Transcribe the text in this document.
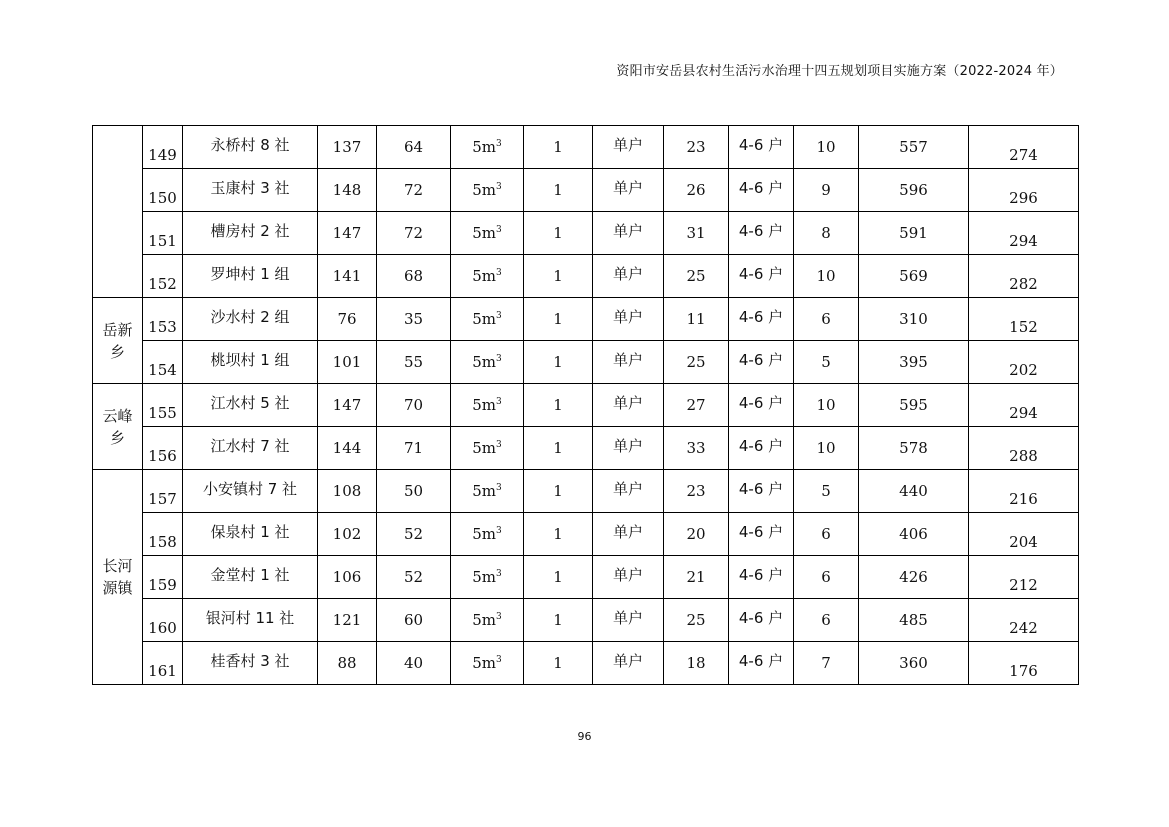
资阳市安岳县农村生活污水治理十四五规划项目实施方案（2022-2024 年）
	149	永桥村 8 社	137	64	$5m^3$	1	单户	23	4-6 户	10	557	274
	150	玉康村 3 社	148	72	$5m^3$	1	单户	26	4-6 户	9	596	296
	151	槽房村 2 社	147	72	$5m^3$	1	单户	31	4-6 户	8	591	294
	152	罗坤村 1 组	141	68	$5m^3$	1	单户	25	4-6 户	10	569	282

岳新
乡	153	沙水村 2 组	76	35	$5m^3$	1	单户	11	4-6 户	6	310	152
	154	桃坝村 1 组	101	55	$5m^3$	1	单户	25	4-6 户	5	395	202

云峰
乡	155	江水村 5 社	147	70	$5m^3$	1	单户	27	4-6 户	10	595	294
	156	江水村 7 社	144	71	$5m^3$	1	单户	33	4-6 户	10	578	288

长河
源镇	157	小安镇村 7 社	108	50	$5m^3$	1	单户	23	4-6 户	5	440	216
	158	保泉村 1 社	102	52	$5m^3$	1	单户	20	4-6 户	6	406	204
	159	金堂村 1 社	106	52	$5m^3$	1	单户	21	4-6 户	6	426	212
	160	银河村 11 社	121	60	$5m^3$	1	单户	25	4-6 户	6	485	242
	161	桂香村 3 社	88	40	$5m^3$	1	单户	18	4-6 户	7	360	176
96
